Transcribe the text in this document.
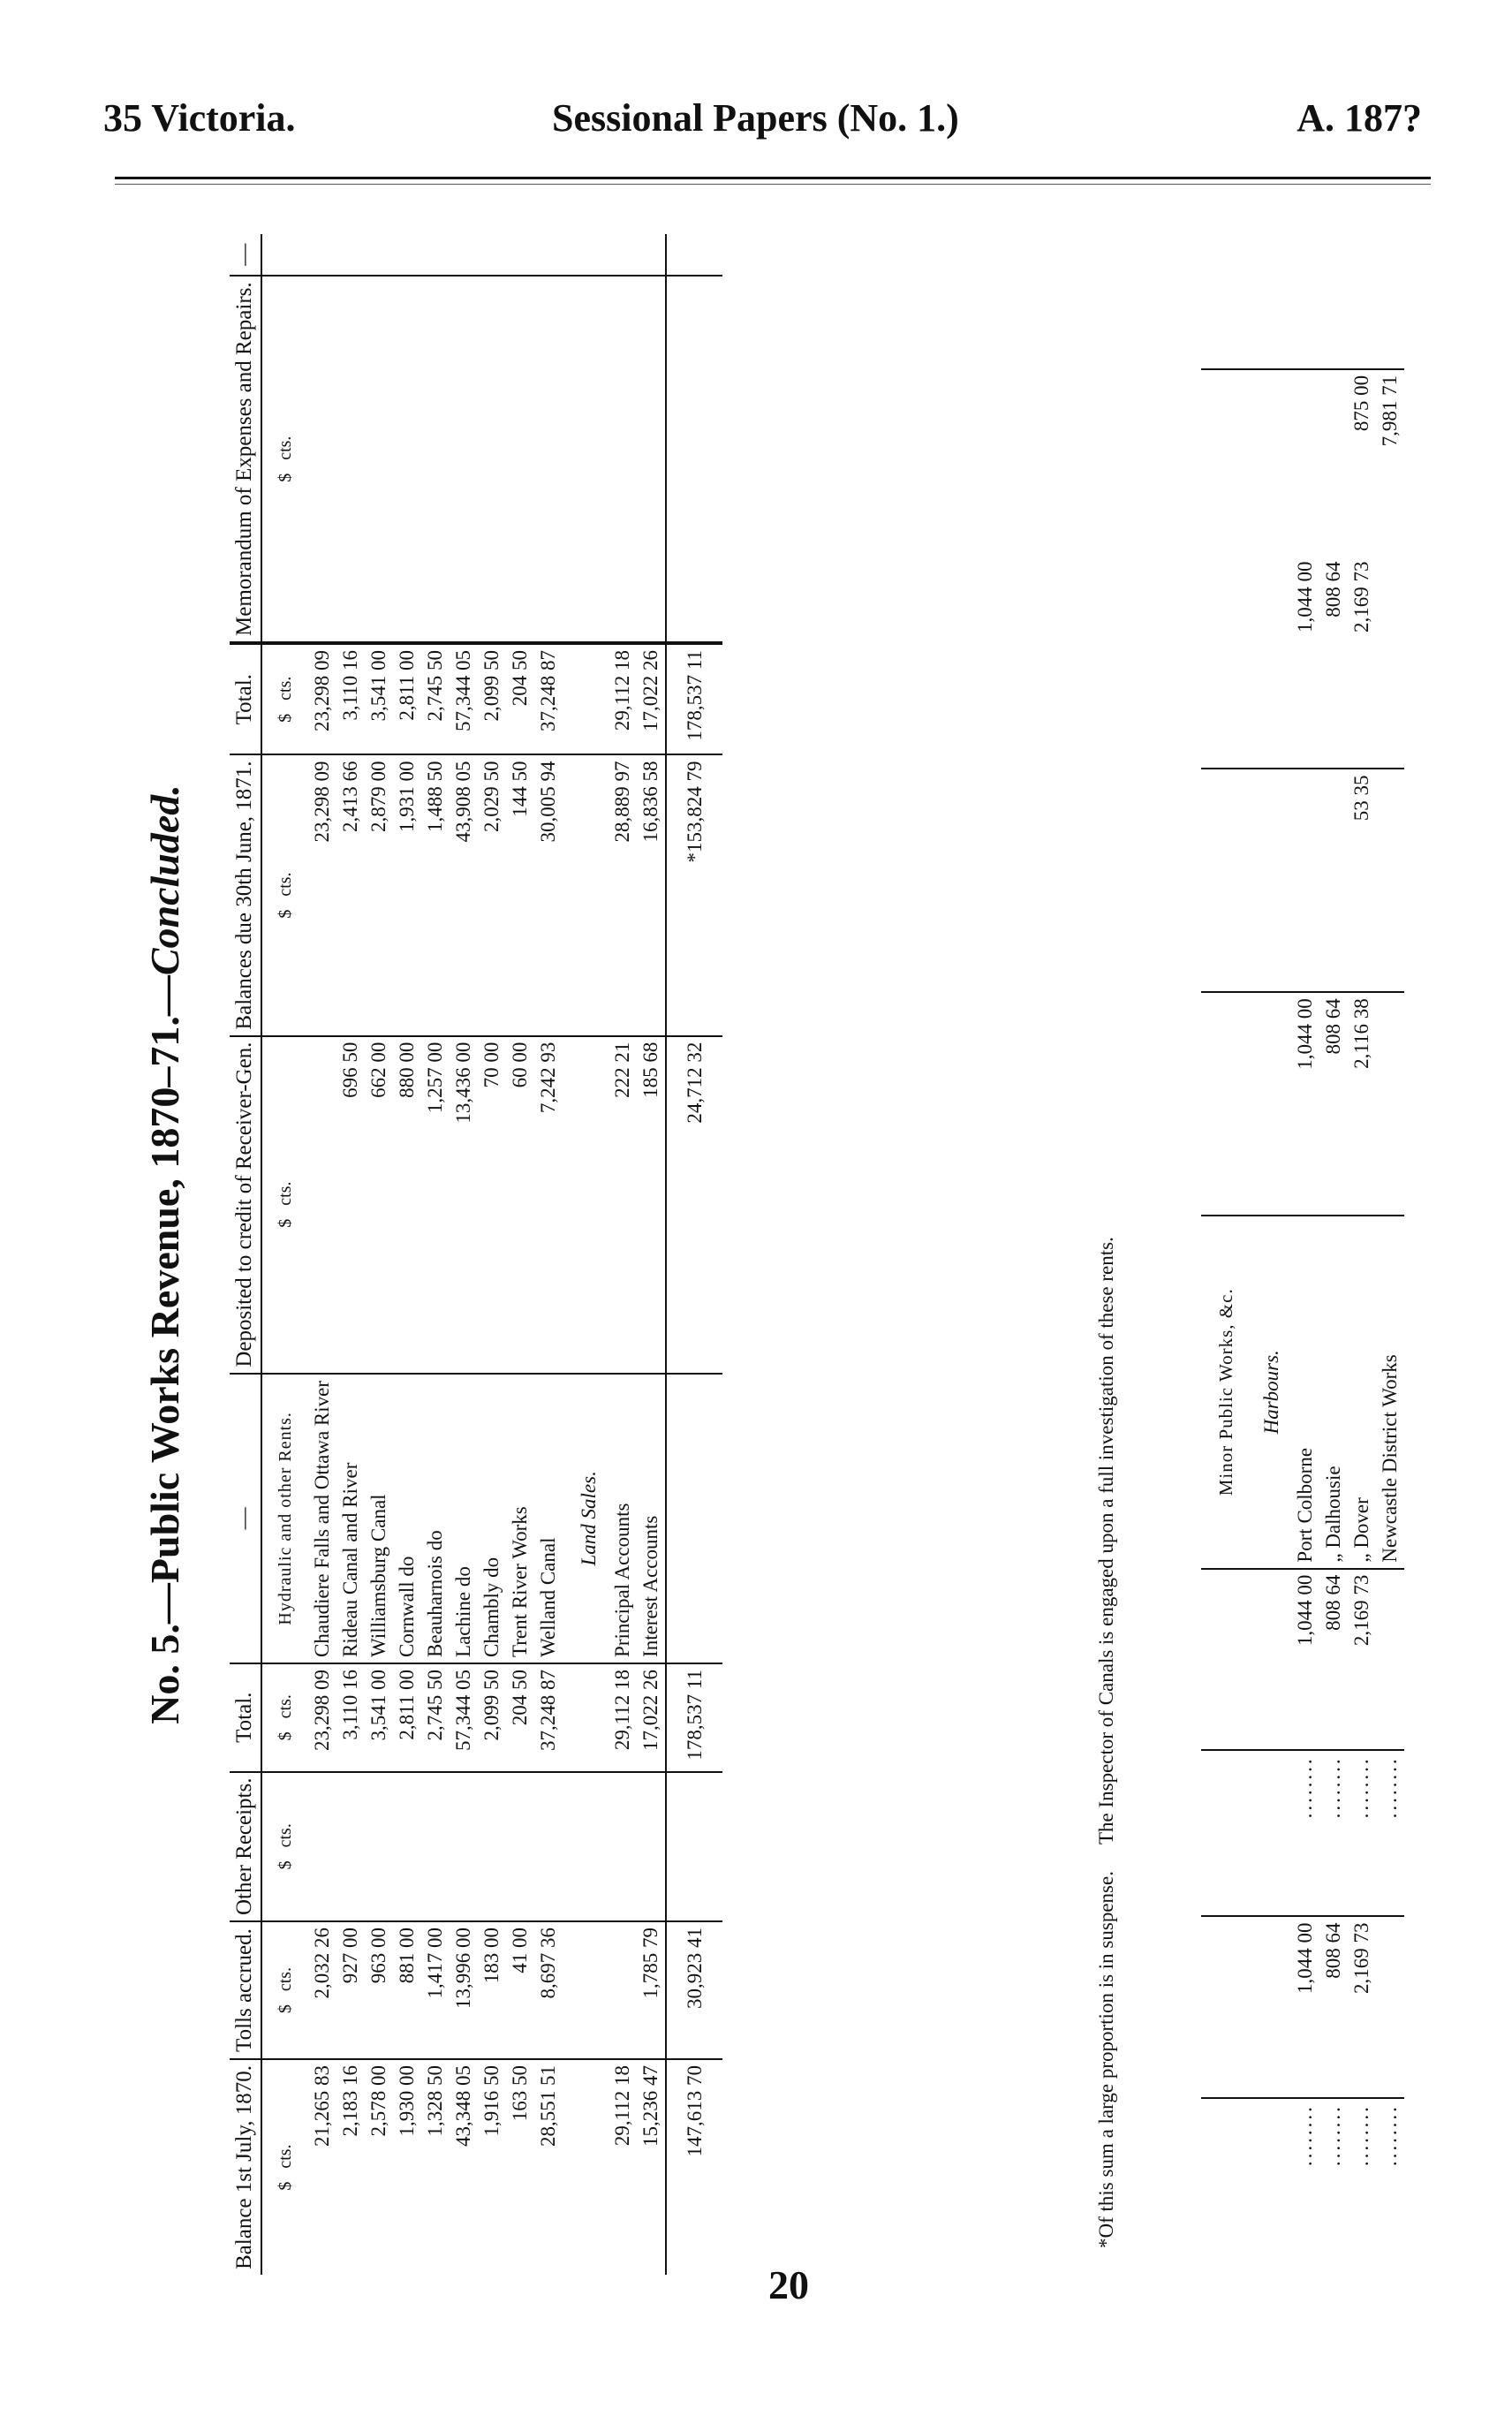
35 Victoria.	Sessional Papers (No. 1.)	A. 187?
No. 5.—Public Works Revenue, 1870–71.—Concluded.
Balance 1st July, 1870.	Tolls accrued.	Other Receipts.	Total.	—	Deposited to credit of Receiver-Gen.	Balances due 30th June, 1871.	Total.	Memorandum of Expenses and Repairs.	—
$   cts.	$   cts.	$   cts.	$   cts.	Hydraulic and other Rents.	$   cts.	$   cts.	$   cts.	$   cts.	
21,265 83	2,032 26		23,298 09	Chaudiere Falls and Ottawa River		23,298 09	23,298 09		
2,183 16	927 00		3,110 16	Rideau Canal and River	696 50	2,413 66	3,110 16		
2,578 00	963 00		3,541 00	Williamsburg Canal	662 00	2,879 00	3,541 00		
1,930 00	881 00		2,811 00	Cornwall do	880 00	1,931 00	2,811 00		
1,328 50	1,417 00		2,745 50	Beauharnois do	1,257 00	1,488 50	2,745 50		
43,348 05	13,996 00		57,344 05	Lachine do	13,436 00	43,908 05	57,344 05		
1,916 50	183 00		2,099 50	Chambly do	70 00	2,029 50	2,099 50		
163 50	41 00		204 50	Trent River Works	60 00	144 50	204 50		
28,551 51	8,697 36		37,248 87	Welland Canal	7,242 93	30,005 94	37,248 87		
				Land Sales.					
29,112 18			29,112 18	Principal Accounts	222 21	28,889 97	29,112 18		
15,236 47	1,785 79		17,022 26	Interest Accounts	185 68	16,836 58	17,022 26		
147,613 70	30,923 41		178,537 11		24,712 32	*153,824 79	178,537 11		
*Of this sum a large proportion is in suspense.The Inspector of Canals is engaged upon a full investigation of these rents.
					Minor Public Works, &c.					
				Harbours.					
........	1,044 00	........	1,044 00	Port Colborne	1,044 00		1,044 00		
........	808 64	........	808 64	„ Dalhousie	808 64		808 64		
........	2,169 73	........	2,169 73	„ Dover	2,116 38	53 35	2,169 73	875 00	
........		........		Newcastle District Works				7,981 71	
20
